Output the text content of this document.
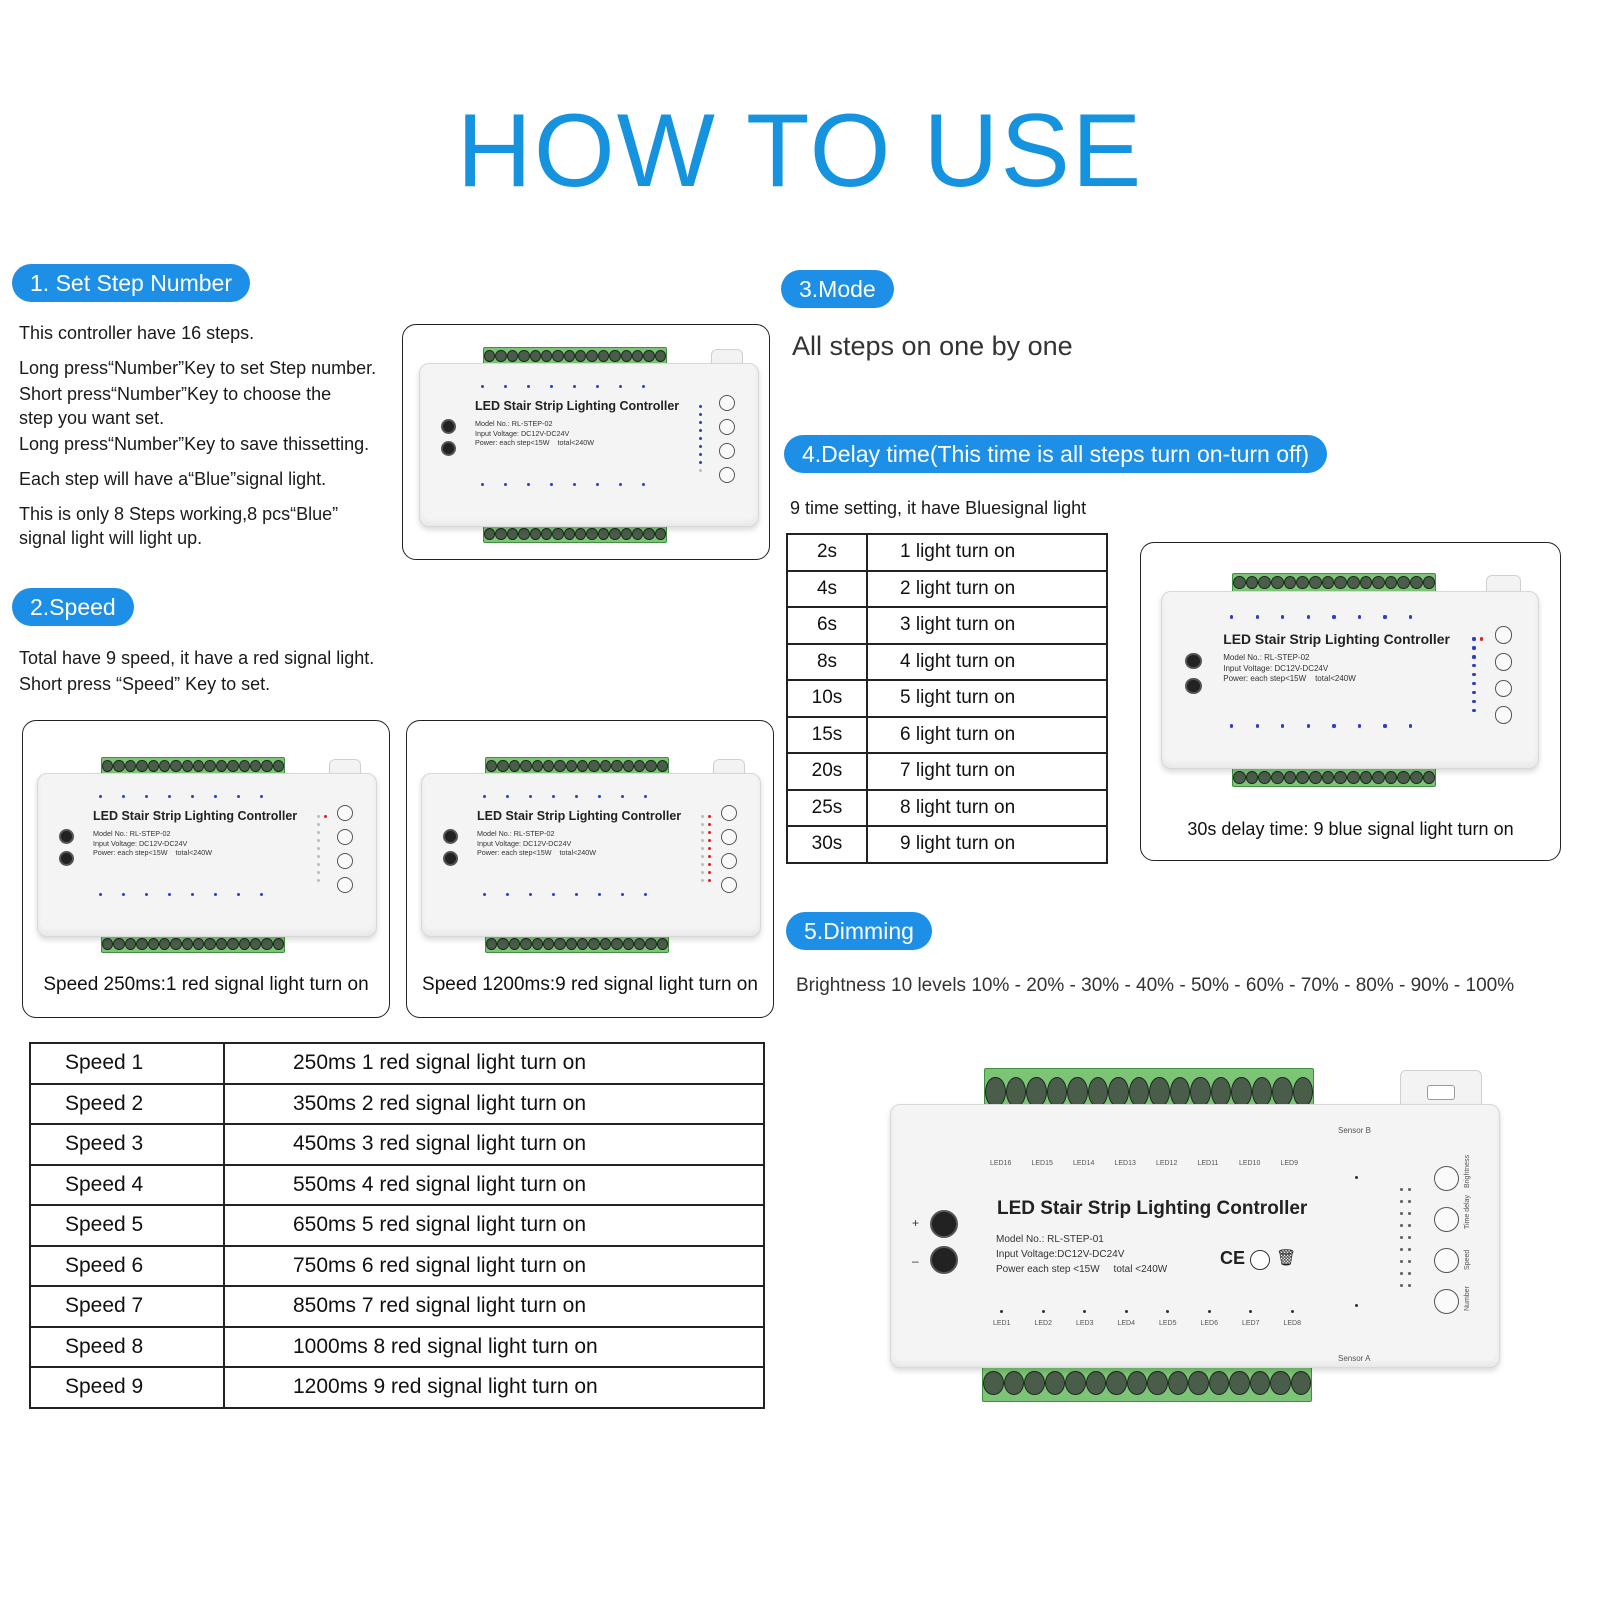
HOW TO USE
1. Set Step Number
This controller have 16 steps.
Long press“Number”Key to set Step number.
Short press“Number”Key to choose the
step you want set.
Long press“Number”Key to save thissetting.
Each step will have a“Blue”signal light.
This is only 8 Steps working,8 pcs“Blue”
signal light will light up.
LED Stair Strip Lighting Controller
Model No.: RL-STEP-02
Input Voltage: DC12V-DC24V
Power: each step<15W    total<240W
2.Speed
Total have 9 speed, it have a red signal light.
Short press “Speed” Key to set.
LED Stair Strip Lighting Controller
Model No.: RL-STEP-02
Input Voltage: DC12V-DC24V
Power: each step<15W    total<240W
Speed 250ms:1 red signal light turn on
LED Stair Strip Lighting Controller
Model No.: RL-STEP-02
Input Voltage: DC12V-DC24V
Power: each step<15W    total<240W
Speed 1200ms:9 red signal light turn on
Speed 1	250ms 1 red signal light turn on
Speed 2	350ms 2 red signal light turn on
Speed 3	450ms 3 red signal light turn on
Speed 4	550ms 4 red signal light turn on
Speed 5	650ms 5 red signal light turn on
Speed 6	750ms 6 red signal light turn on
Speed 7	850ms 7 red signal light turn on
Speed 8	1000ms 8 red signal light turn on
Speed 9	1200ms 9 red signal light turn on
3.Mode
All steps on one by one
4.Delay time(This time is all steps turn on-turn off)
9 time setting, it have Bluesignal light
2s	1 light turn on
4s	2 light turn on
6s	3 light turn on
8s	4 light turn on
10s	5 light turn on
15s	6 light turn on
20s	7 light turn on
25s	8 light turn on
30s	9 light turn on
LED Stair Strip Lighting Controller
Model No.: RL-STEP-02
Input Voltage: DC12V-DC24V
Power: each step<15W    total<240W
30s delay time: 9 blue signal light turn on
5.Dimming
Brightness 10 levels 10% - 20% - 30% - 40% - 50% - 60% - 70% - 80% - 90% - 100%
Sensor B
Sensor A
LED16	LED15	LED14	LED13	LED12	LED11	LED10	LED9
LED1	LED2	LED3	LED4	LED5	LED6	LED7	LED8
LED Stair Strip Lighting Controller
Model No.: RL-STEP-01
Input Voltage:DC12V-DC24V
Power each step <15W     total <240W
CE 🗑
+
–
Brightness
Time delay
Speed
Number
